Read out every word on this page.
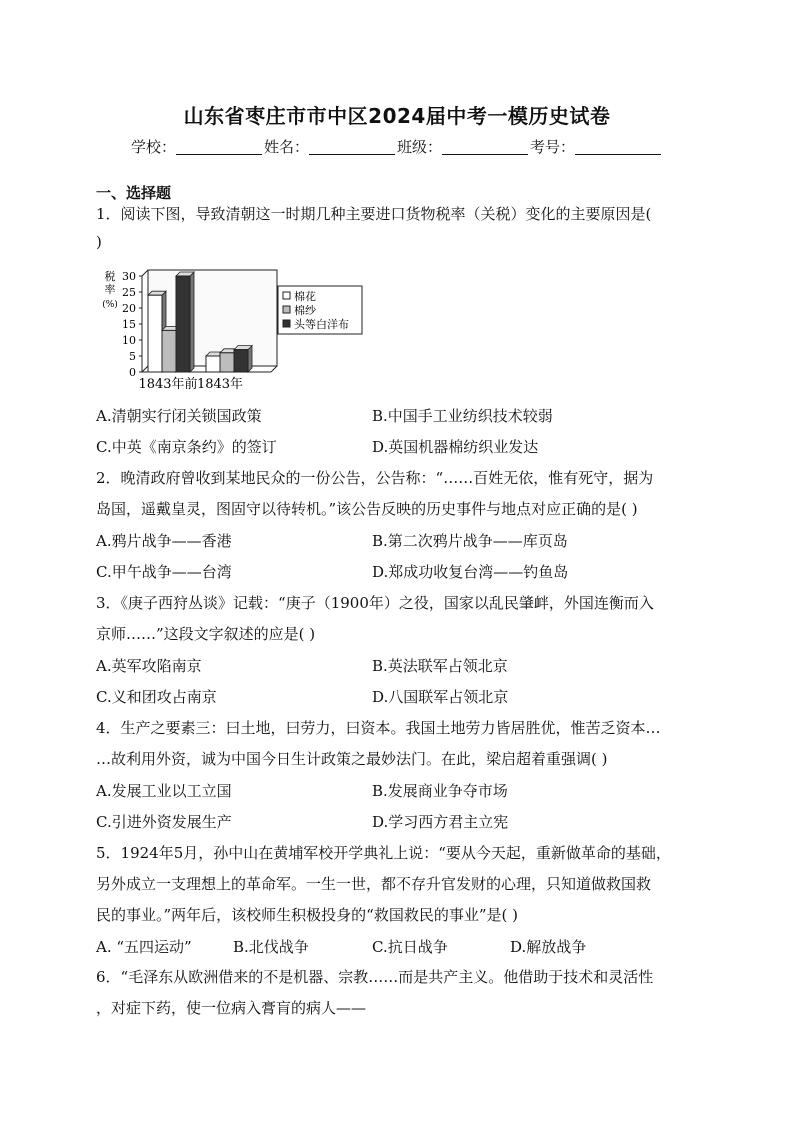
山东省枣庄市市中区2024届中考一模历史试卷
学校：	姓名：	班级：	考号：
一、选择题
1．阅读下图，导致清朝这一时期几种主要进口货物税率（关税）变化的主要原因是(
)
0
5
10
15
20
25
30
税
率
(%)
1843年前 1843年
棉花
棉纱
头等白洋布
A.清朝实行闭关锁国政策	B.中国手工业纺织技术较弱
C.中英《南京条约》的签订	D.英国机器棉纺织业发达
2．晚清政府曾收到某地民众的一份公告，公告称：“……百姓无依，惟有死守，据为
岛国，遥戴皇灵，图固守以待转机。”该公告反映的历史事件与地点对应正确的是( )
A.鸦片战争——香港	B.第二次鸦片战争——库页岛
C.甲午战争——台湾	D.郑成功收复台湾——钓鱼岛
3．《庚子西狩丛谈》记载：“庚子（1900年）之役，国家以乱民肇衅，外国连衡而入
京师……”这段文字叙述的应是( )
A.英军攻陷南京	B.英法联军占领北京
C.义和团攻占南京	D.八国联军占领北京
4．生产之要素三：曰土地，曰劳力，曰资本。我国土地劳力皆居胜优，惟苦乏资本…
…故利用外资，诚为中国今日生计政策之最妙法门。在此，梁启超着重强调( )
A.发展工业以工立国	B.发展商业争夺市场
C.引进外资发展生产	D.学习西方君主立宪
5．1924年5月，孙中山在黄埔军校开学典礼上说：“要从今天起，重新做革命的基础，
另外成立一支理想上的革命军。一生一世，都不存升官发财的心理，只知道做救国救
民的事业。”两年后，该校师生积极投身的“救国救民的事业”是( )
A. “五四运动”	B.北伐战争	C.抗日战争	D.解放战争
6．“毛泽东从欧洲借来的不是机器、宗教……而是共产主义。他借助于技术和灵活性
，对症下药，使一位病入膏肓的病人——
